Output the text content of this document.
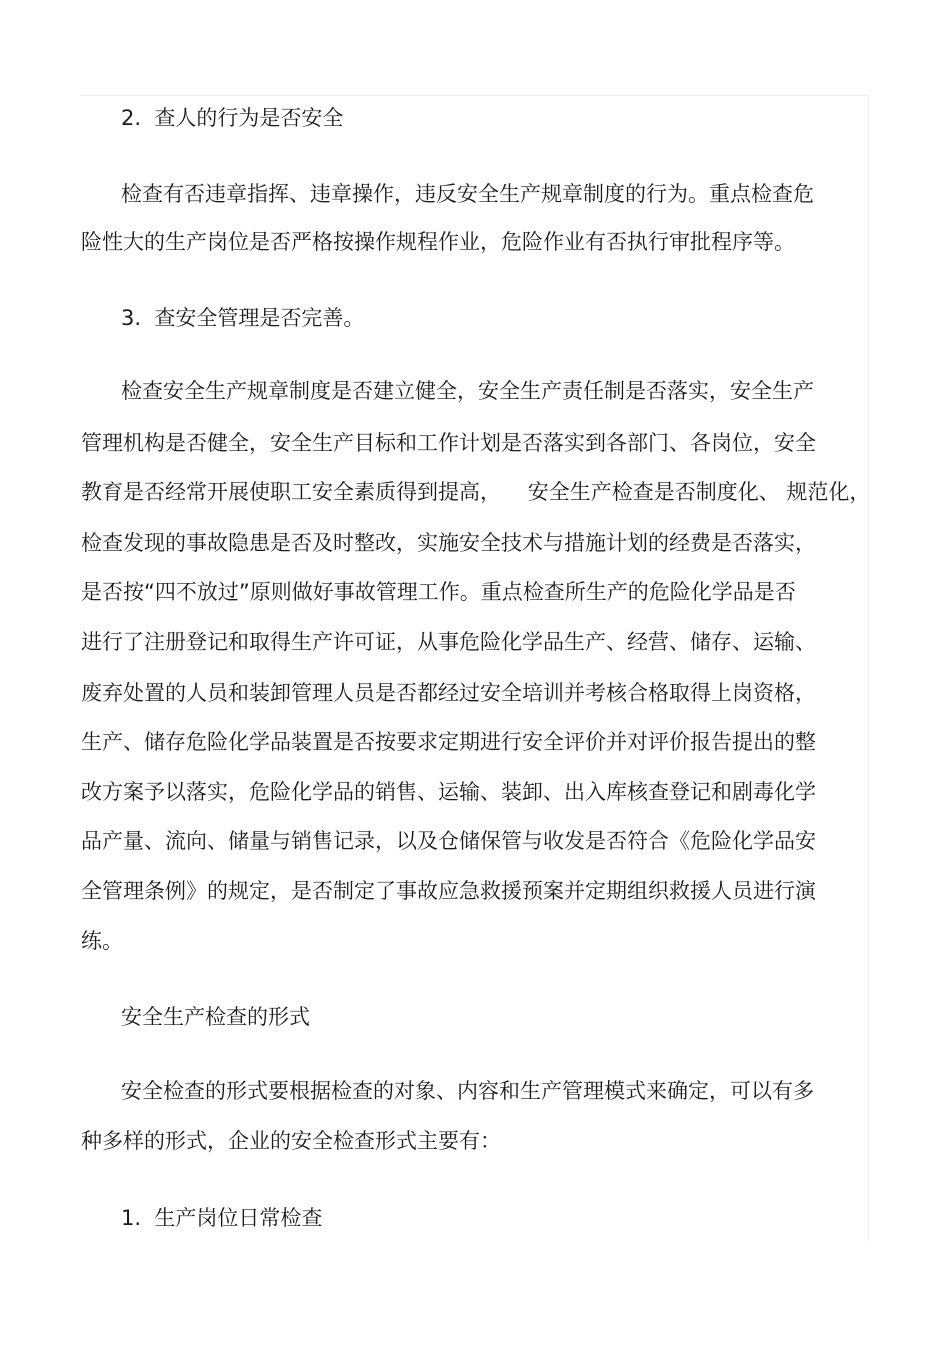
2.  查人的行为是否安全

检查有否违章指挥、违章操作，违反安全生产规章制度的行为。重点检查危

险性大的生产岗位是否严格按操作规程作业，危险作业有否执行审批程序等。

3.  查安全管理是否完善。

检查安全生产规章制度是否建立健全，安全生产责任制是否落实，安全生产

管理机构是否健全，安全生产目标和工作计划是否落实到各部门、各岗位，安全

教育是否经常开展使职工安全素质得到提高，    安全生产检查是否制度化、 规范化，

检查发现的事故隐患是否及时整改，实施安全技术与措施计划的经费是否落实，

是否按“四不放过”原则做好事故管理工作。重点检查所生产的危险化学品是否

进行了注册登记和取得生产许可证，从事危险化学品生产、经营、储存、运输、

废弃处置的人员和装卸管理人员是否都经过安全培训并考核合格取得上岗资格，

生产、储存危险化学品装置是否按要求定期进行安全评价并对评价报告提出的整

改方案予以落实，危险化学品的销售、运输、装卸、出入库核查登记和剧毒化学

品产量、流向、储量与销售记录，以及仓储保管与收发是否符合《危险化学品安

全管理条例》的规定，是否制定了事故应急救援预案并定期组织救援人员进行演

练。

安全生产检查的形式

安全检查的形式要根据检查的对象、内容和生产管理模式来确定，可以有多

种多样的形式，企业的安全检查形式主要有：

1.  生产岗位日常检查
